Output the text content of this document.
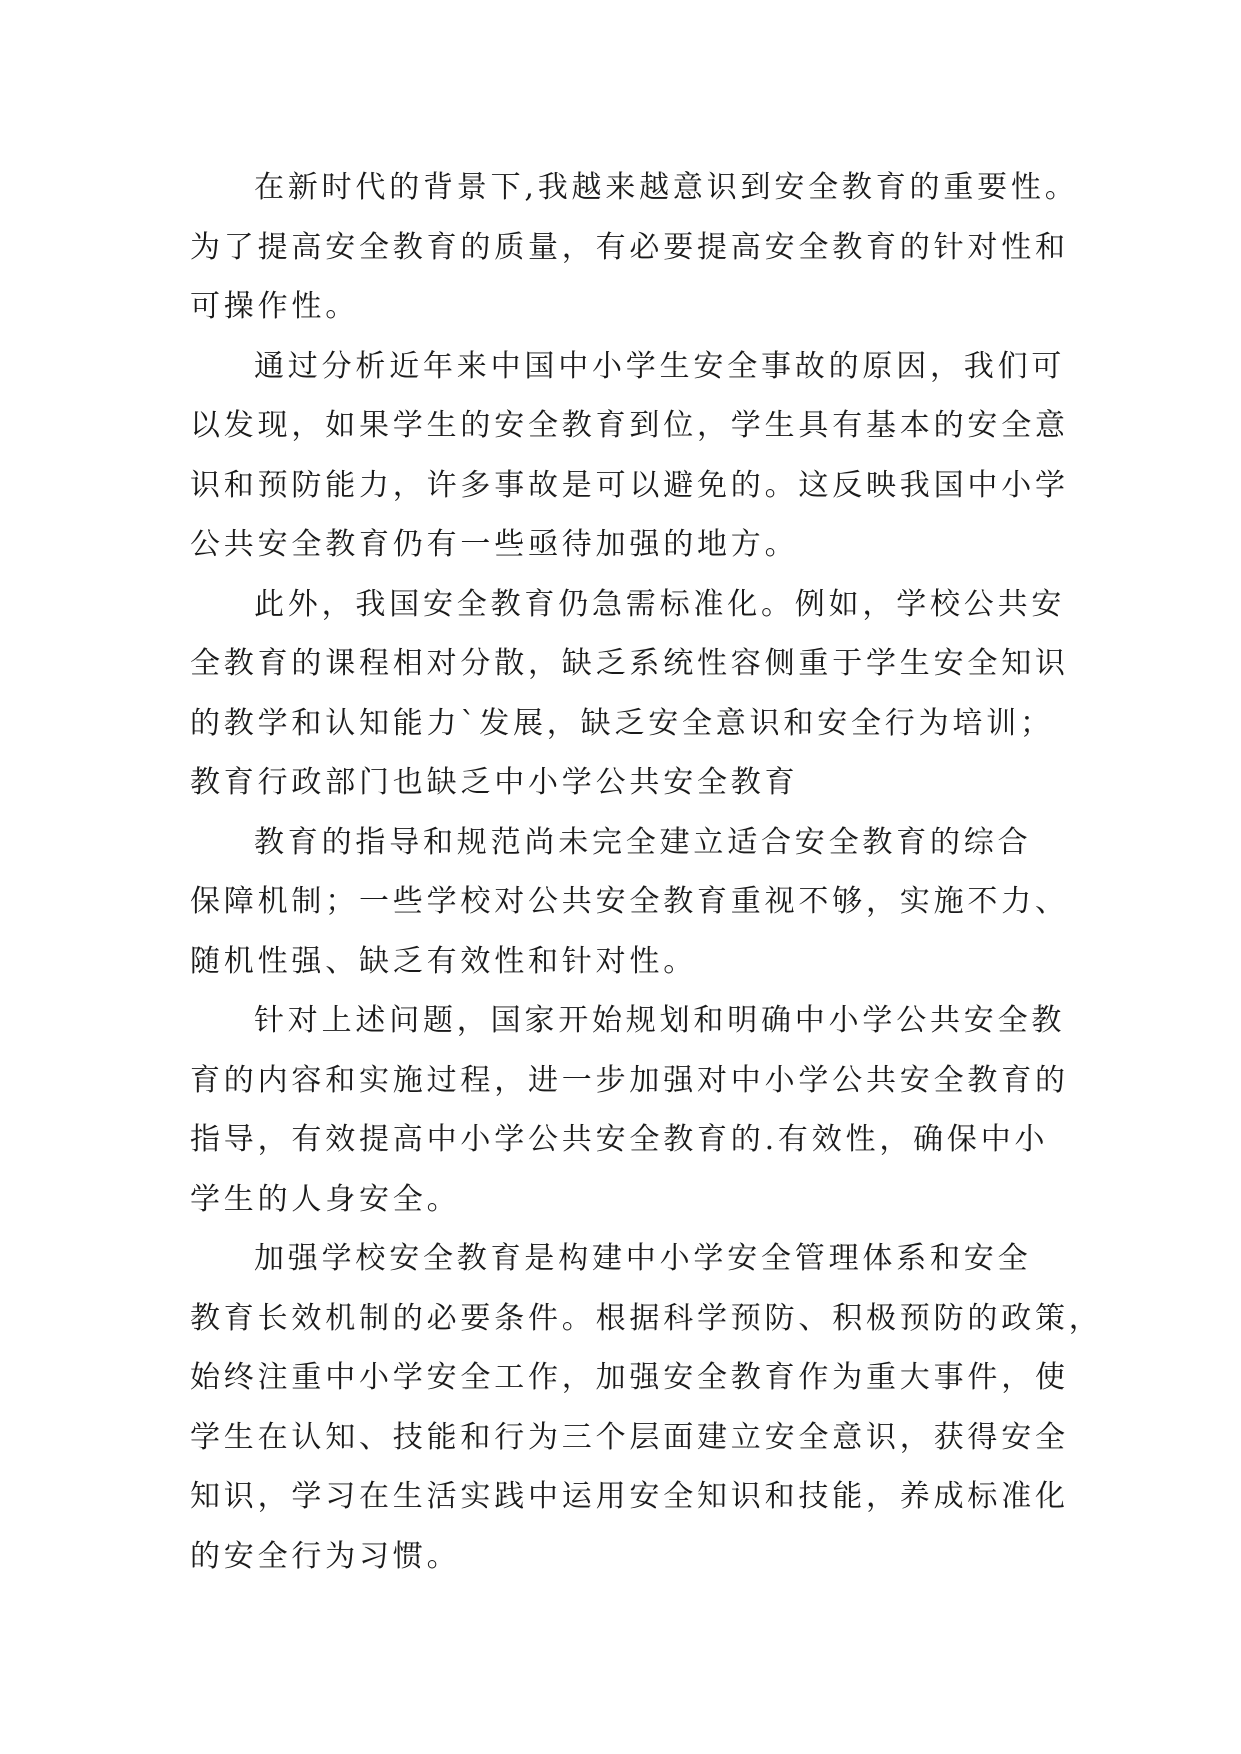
在新时代的背景下,我越来越意识到安全教育的重要性。
为了提高安全教育的质量，有必要提高安全教育的针对性和
可操作性。
通过分析近年来中国中小学生安全事故的原因，我们可
以发现，如果学生的安全教育到位，学生具有基本的安全意
识和预防能力，许多事故是可以避免的。这反映我国中小学
公共安全教育仍有一些亟待加强的地方。
此外，我国安全教育仍急需标准化。例如，学校公共安
全教育的课程相对分散，缺乏系统性容侧重于学生安全知识
的教学和认知能力`发展，缺乏安全意识和安全行为培训；
教育行政部门也缺乏中小学公共安全教育
教育的指导和规范尚未完全建立适合安全教育的综合
保障机制；一些学校对公共安全教育重视不够，实施不力、
随机性强、缺乏有效性和针对性。
针对上述问题，国家开始规划和明确中小学公共安全教
育的内容和实施过程，进一步加强对中小学公共安全教育的
指导，有效提高中小学公共安全教育的.有效性，确保中小
学生的人身安全。
加强学校安全教育是构建中小学安全管理体系和安全
教育长效机制的必要条件。根据科学预防、积极预防的政策，
始终注重中小学安全工作，加强安全教育作为重大事件，使
学生在认知、技能和行为三个层面建立安全意识，获得安全
知识，学习在生活实践中运用安全知识和技能，养成标准化
的安全行为习惯。
